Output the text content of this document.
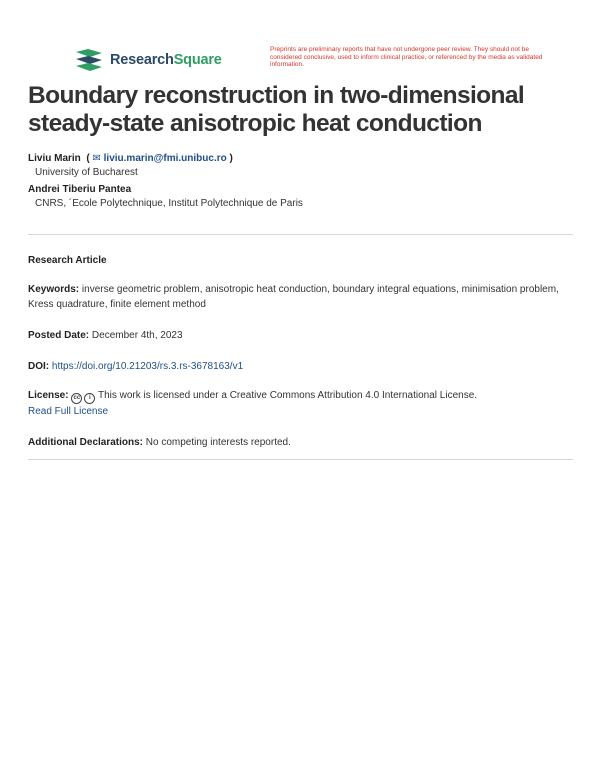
ResearchSquare
Preprints are preliminary reports that have not undergone peer review. They should not be considered conclusive, used to inform clinical practice, or referenced by the media as validated information.
Boundary reconstruction in two-dimensional steady-state anisotropic heat conduction
Liviu Marin  ( ✉ liviu.marin@fmi.unibuc.ro )
University of Bucharest
Andrei Tiberiu Pantea
CNRS, ´Ecole Polytechnique, Institut Polytechnique de Paris
Research Article
Keywords: inverse geometric problem, anisotropic heat conduction, boundary integral equations, minimisation problem, Kress quadrature, finite element method
Posted Date: December 4th, 2023
DOI: https://doi.org/10.21203/rs.3.rs-3678163/v1
License: cc	i This work is licensed under a Creative Commons Attribution 4.0 International License.
Read Full License
Additional Declarations: No competing interests reported.
